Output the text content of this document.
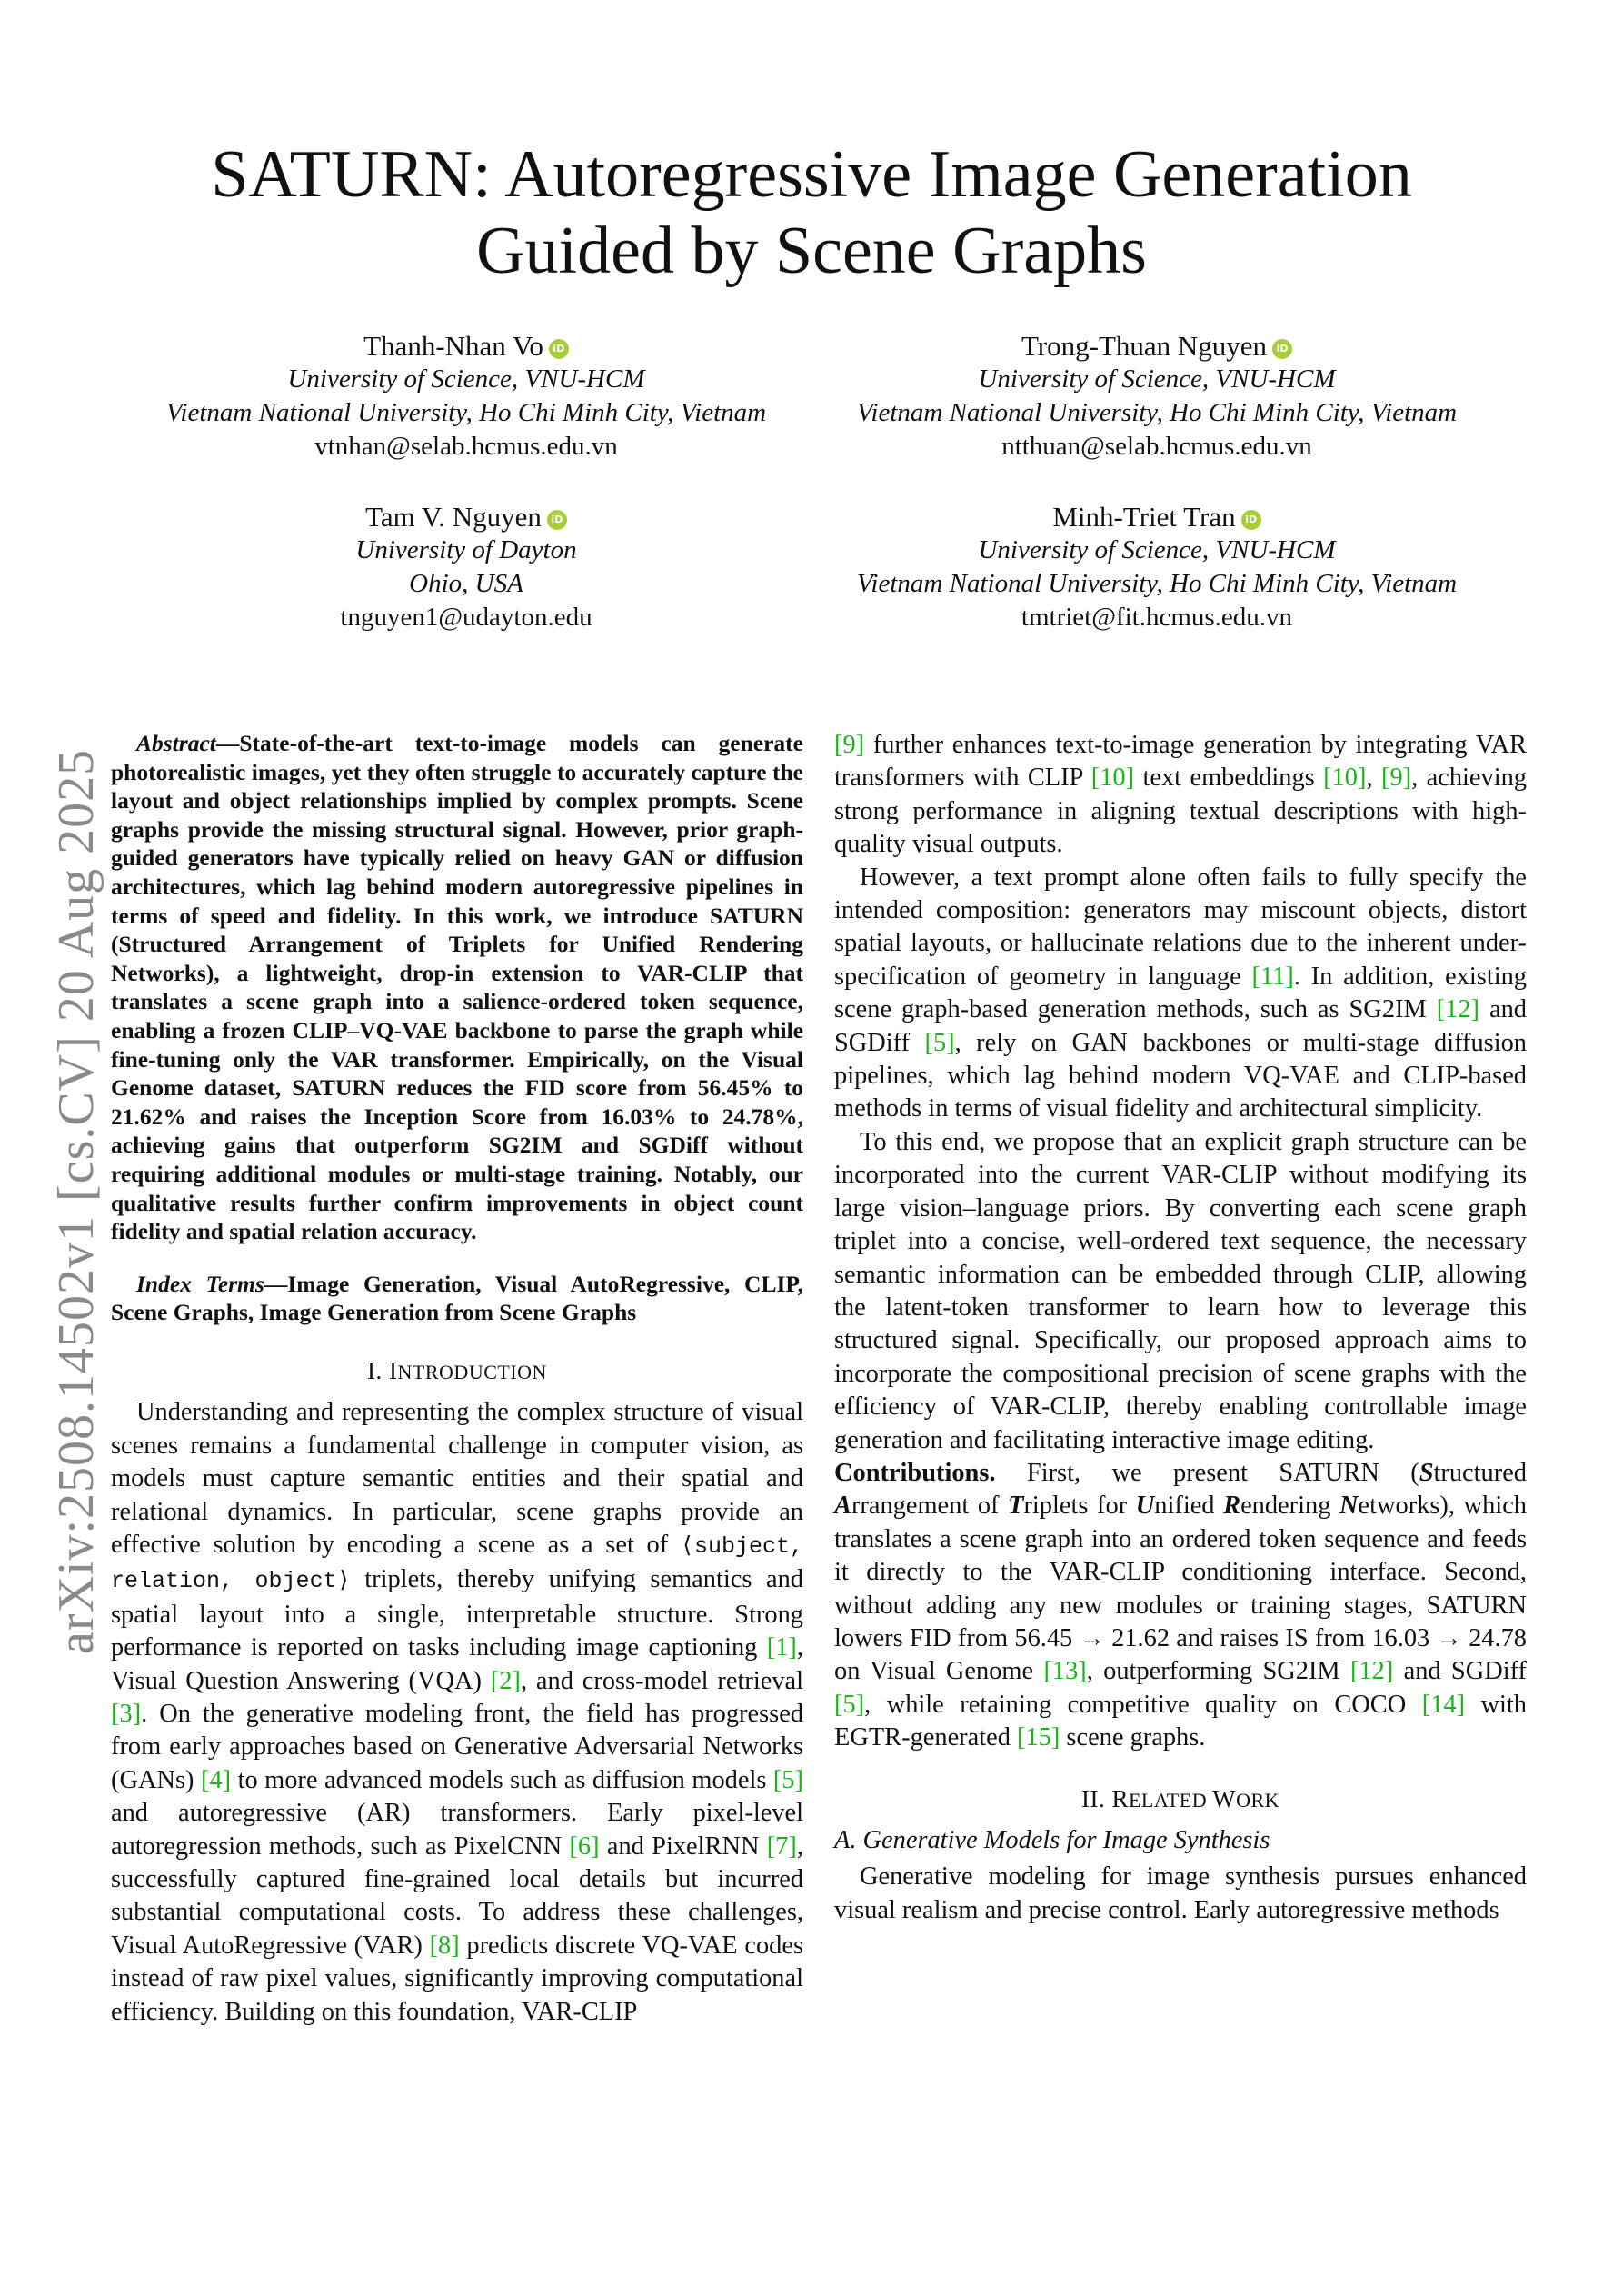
SATURN: Autoregressive Image Generation
Guided by Scene Graphs
Thanh-Nhan Vo iD
University of Science, VNU-HCM
Vietnam National University, Ho Chi Minh City, Vietnam
vtnhan@selab.hcmus.edu.vn
Trong-Thuan Nguyen iD
University of Science, VNU-HCM
Vietnam National University, Ho Chi Minh City, Vietnam
ntthuan@selab.hcmus.edu.vn
Tam V. Nguyen iD
University of Dayton
Ohio, USA
tnguyen1@udayton.edu
Minh-Triet Tran iD
University of Science, VNU-HCM
Vietnam National University, Ho Chi Minh City, Vietnam
tmtriet@fit.hcmus.edu.vn
arXiv:2508.14502v1 [cs.CV] 20 Aug 2025

Abstract—State-of-the-art text-to-image models can generate photorealistic images, yet they often struggle to accurately capture the layout and object relationships implied by complex prompts. Scene graphs provide the missing structural signal. However, prior graph-guided generators have typically relied on heavy GAN or diffusion architectures, which lag behind modern autoregressive pipelines in terms of speed and fidelity. In this work, we introduce SATURN (Structured Arrangement of Triplets for Unified Rendering Networks), a lightweight, drop-in extension to VAR-CLIP that translates a scene graph into a salience-ordered token sequence, enabling a frozen CLIP–VQ-VAE backbone to parse the graph while fine-tuning only the VAR transformer. Empirically, on the Visual Genome dataset, SATURN reduces the FID score from 56.45% to 21.62% and raises the Inception Score from 16.03% to 24.78%, achieving gains that outperform SG2IM and SGDiff without requiring additional modules or multi-stage training. Notably, our qualitative results further confirm improvements in object count fidelity and spatial relation accuracy.

Index Terms—Image Generation, Visual AutoRegressive, CLIP, Scene Graphs, Image Generation from Scene Graphs

I. INTRODUCTION

Understanding and representing the complex structure of visual scenes remains a fundamental challenge in computer vision, as models must capture semantic entities and their spatial and relational dynamics. In particular, scene graphs provide an effective solution by encoding a scene as a set of ⟨subject, relation, object⟩ triplets, thereby unifying semantics and spatial layout into a single, interpretable structure. Strong performance is reported on tasks including image captioning [1], Visual Question Answering (VQA) [2], and cross-model retrieval [3]. On the generative modeling front, the field has progressed from early approaches based on Generative Adversarial Networks (GANs) [4] to more advanced models such as diffusion models [5] and autoregressive (AR) transformers. Early pixel-level autoregression methods, such as PixelCNN [6] and PixelRNN [7], successfully captured fine-grained local details but incurred substantial computational costs. To address these challenges, Visual AutoRegressive (VAR) [8] predicts discrete VQ-VAE codes instead of raw pixel values, significantly improving computational efficiency. Building on this foundation, VAR-CLIP

[9] further enhances text-to-image generation by integrating VAR transformers with CLIP [10] text embeddings [10], [9], achieving strong performance in aligning textual descriptions with high-quality visual outputs.

However, a text prompt alone often fails to fully specify the intended composition: generators may miscount objects, distort spatial layouts, or hallucinate relations due to the inherent under-specification of geometry in language [11]. In addition, existing scene graph-based generation methods, such as SG2IM [12] and SGDiff [5], rely on GAN backbones or multi-stage diffusion pipelines, which lag behind modern VQ-VAE and CLIP-based methods in terms of visual fidelity and architectural simplicity.

To this end, we propose that an explicit graph structure can be incorporated into the current VAR-CLIP without modifying its large vision–language priors. By converting each scene graph triplet into a concise, well-ordered text sequence, the necessary semantic information can be embedded through CLIP, allowing the latent-token transformer to learn how to leverage this structured signal. Specifically, our proposed approach aims to incorporate the compositional precision of scene graphs with the efficiency of VAR-CLIP, thereby enabling controllable image generation and facilitating interactive image editing.

Contributions. First, we present SATURN (Structured Arrangement of Triplets for Unified Rendering Networks), which translates a scene graph into an ordered token sequence and feeds it directly to the VAR-CLIP conditioning interface. Second, without adding any new modules or training stages, SATURN lowers FID from 56.45 → 21.62 and raises IS from 16.03 → 24.78 on Visual Genome [13], outperforming SG2IM [12] and SGDiff [5], while retaining competitive quality on COCO [14] with EGTR-generated [15] scene graphs.

II. RELATED WORK

A. Generative Models for Image Synthesis

Generative modeling for image synthesis pursues enhanced visual realism and precise control. Early autoregressive methods
